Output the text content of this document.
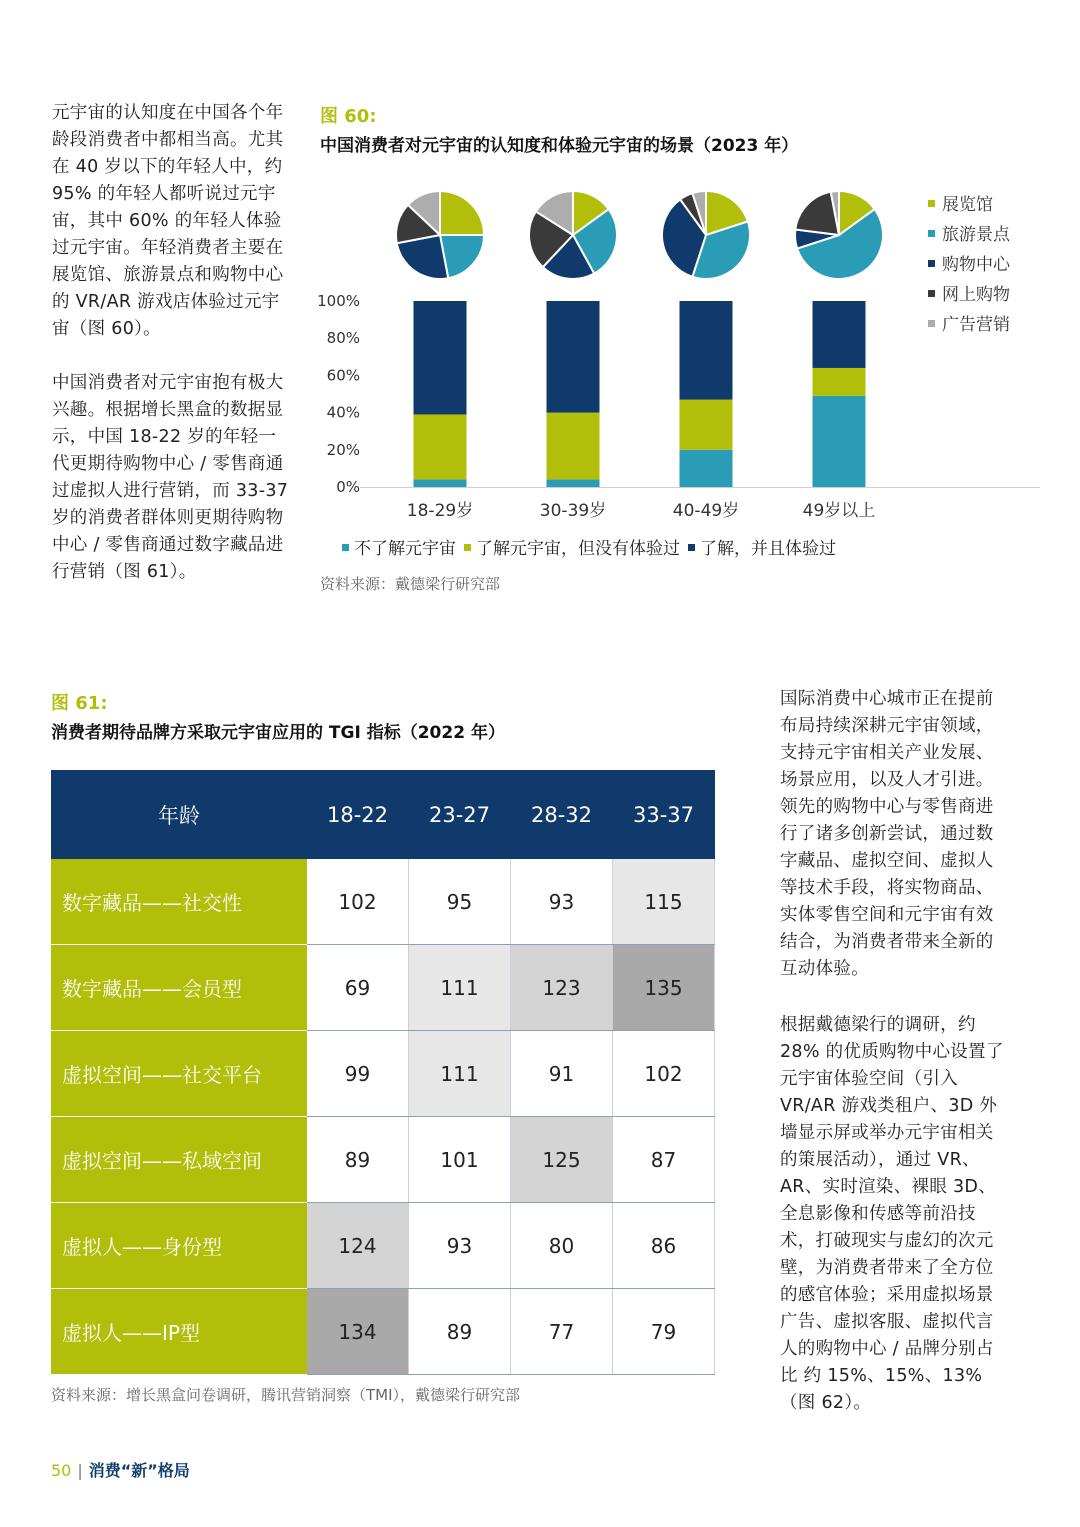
元宇宙的认知度在中国各个年龄段消费者中都相当高。尤其在 40 岁以下的年轻人中，约 95% 的年轻人都听说过元宇宙，其中 60% 的年轻人体验过元宇宙。年轻消费者主要在展览馆、旅游景点和购物中心的 VR/AR 游戏店体验过元宇宙（图 60）。

中国消费者对元宇宙抱有极大兴趣。根据增长黑盒的数据显示，中国 18-22 岁的年轻一代更期待购物中心 / 零售商通过虚拟人进行营销，而 33-37 岁的消费者群体则更期待购物中心 / 零售商通过数字藏品进行营销（图 61）。

国际消费中心城市正在提前布局持续深耕元宇宙领域，支持元宇宙相关产业发展、场景应用，以及人才引进。领先的购物中心与零售商进行了诸多创新尝试，通过数字藏品、虚拟空间、虚拟人等技术手段，将实物商品、实体零售空间和元宇宙有效结合，为消费者带来全新的互动体验。

根据戴德梁行的调研，约 28% 的优质购物中心设置了元宇宙体验空间（引入 VR/AR 游戏类租户、3D 外墙显示屏或举办元宇宙相关的策展活动），通过 VR、AR、实时渲染、裸眼 3D、全息影像和传感等前沿技术，打破现实与虚幻的次元壁，为消费者带来了全方位的感官体验；采用虚拟场景广告、虚拟客服、虚拟代言人的购物中心 / 品牌分别占比 约 15%、15%、13%（图 62）。

图 60:

中国消费者对元宇宙的认知度和体验元宇宙的场景（2023 年）

0%
20%
40%
60%
80%
100%
18-29岁	30-39岁	40-49岁	49岁以上
展览馆
旅游景点
购物中心
网上购物
广告营销
不了解元宇宙 了解元宇宙，但没有体验过 了解，并且体验过

资料来源：戴德梁行研究部

图 61:

消费者期待品牌方采取元宇宙应用的 TGI 指标（2022 年）

年龄	18-22	23-27	28-32	33-37
数字藏品——社交性	102	95	93	115
数字藏品——会员型	69	111	123	135
虚拟空间——社交平台	99	111	91	102
虚拟空间——私域空间	89	101	125	87
虚拟人——身份型	124	93	80	86
虚拟人——IP型	134	89	77	79

资料来源：增长黑盒问卷调研，腾讯营销洞察（TMI），戴德梁行研究部

50 | 消费“新”格局
